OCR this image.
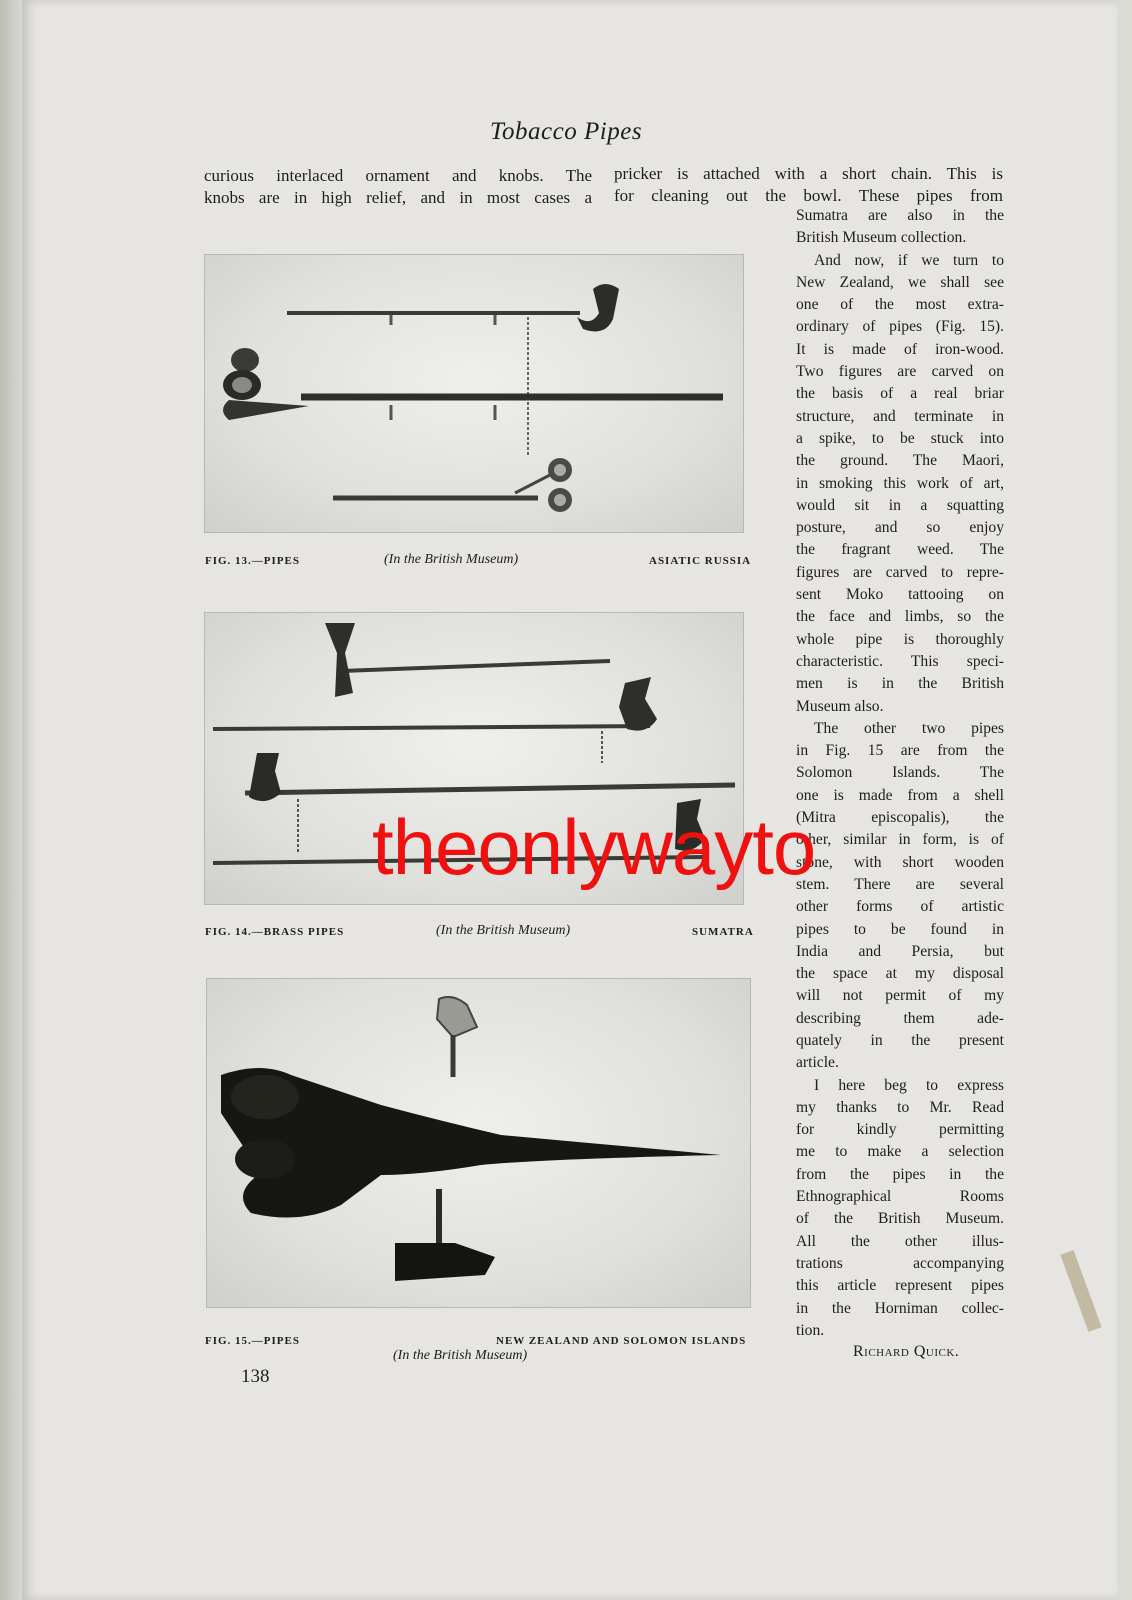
Tobacco Pipes
curious interlaced ornament and knobs. The
knobs are in high relief, and in most cases a
pricker is attached with a short chain. This is
for cleaning out the bowl. These pipes from
FIG. 13.—PIPES	(In the British Museum)	ASIATIC RUSSIA
FIG. 14.—BRASS PIPES	(In the British Museum)	SUMATRA
FIG. 15.—PIPES	NEW ZEALAND AND SOLOMON ISLANDS
(In the British Museum)
Sumatra are also in the
British Museum collection.
And now, if we turn to
New Zealand, we shall see
one of the most extra-
ordinary of pipes (Fig. 15).
It is made of iron-wood.
Two figures are carved on
the basis of a real briar
structure, and terminate in
a spike, to be stuck into
the ground. The Maori,
in smoking this work of art,
would sit in a squatting
posture, and so enjoy
the fragrant weed. The
figures are carved to repre-
sent Moko tattooing on
the face and limbs, so the
whole pipe is thoroughly
characteristic. This speci-
men is in the British
Museum also.
The other two pipes
in Fig. 15 are from the
Solomon Islands. The
one is made from a shell
(Mitra episcopalis), the
other, similar in form, is of
stone, with short wooden
stem. There are several
other forms of artistic
pipes to be found in
India and Persia, but
the space at my disposal
will not permit of my
describing them ade-
quately in the present
article.
I here beg to express
my thanks to Mr. Read
for kindly permitting
me to make a selection
from the pipes in the
Ethnographical Rooms
of the British Museum.
All the other illus-
trations accompanying
this article represent pipes
in the Horniman collec-
tion.
Richard Quick.
138
theonlywayto
